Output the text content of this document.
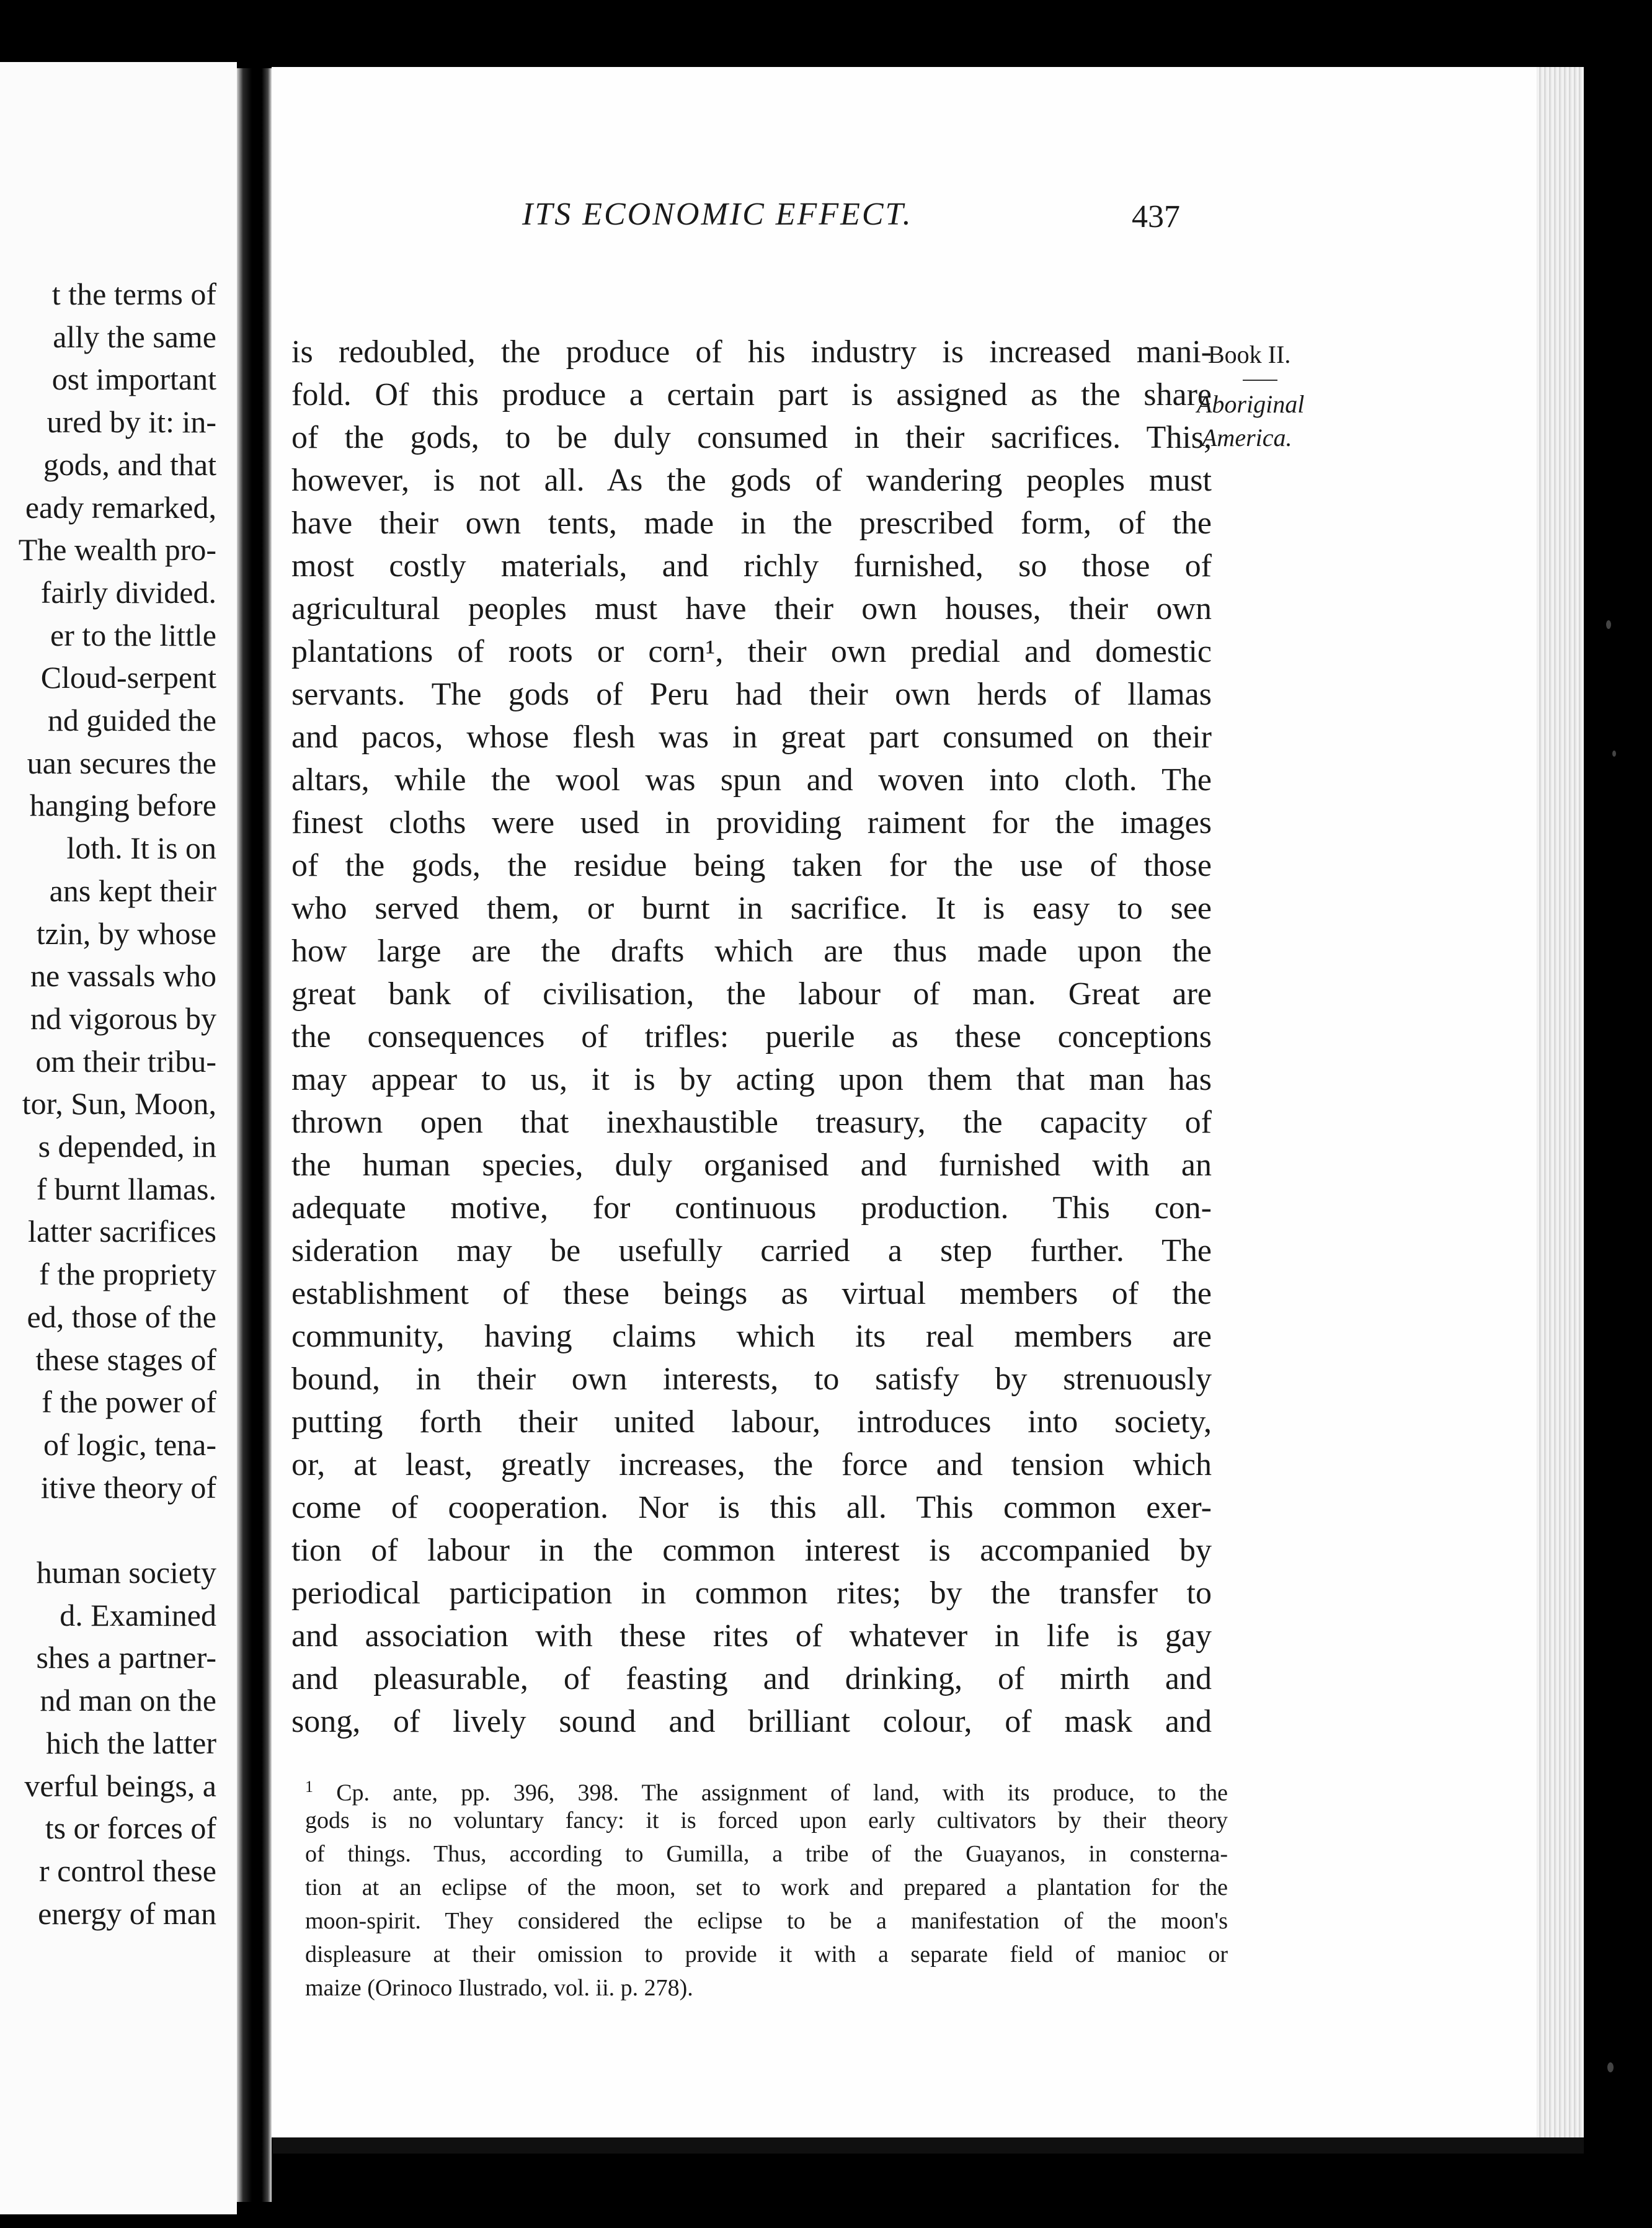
t the terms of
ally the same
ost important
ured by it: in-
gods, and that
eady remarked,
The wealth pro-
fairly divided.
er to the little
Cloud-serpent
nd guided the
uan secures the
hanging before
loth. It is on
ans kept their
tzin, by whose
ne vassals who
nd vigorous by
om their tribu-
tor, Sun, Moon,
s depended, in
f burnt llamas.
latter sacrifices
f the propriety
ed, those of the
these stages of
f the power of
of logic, tena-
itive theory of
human society
d. Examined
shes a partner-
nd man on the
hich the latter
verful beings, a
ts or forces of
r control these
energy of man
ITS ECONOMIC EFFECT.	437
is redoubled, the produce of his industry is increased mani-
fold. Of this produce a certain part is assigned as the share
of the gods, to be duly consumed in their sacrifices. This,
however, is not all. As the gods of wandering peoples must
have their own tents, made in the prescribed form, of the
most costly materials, and richly furnished, so those of
agricultural peoples must have their own houses, their own
plantations of roots or corn¹, their own predial and domestic
servants. The gods of Peru had their own herds of llamas
and pacos, whose flesh was in great part consumed on their
altars, while the wool was spun and woven into cloth. The
finest cloths were used in providing raiment for the images
of the gods, the residue being taken for the use of those
who served them, or burnt in sacrifice. It is easy to see
how large are the drafts which are thus made upon the
great bank of civilisation, the labour of man. Great are
the consequences of trifles: puerile as these conceptions
may appear to us, it is by acting upon them that man has
thrown open that inexhaustible treasury, the capacity of
the human species, duly organised and furnished with an
adequate motive, for continuous production. This con-
sideration may be usefully carried a step further. The
establishment of these beings as virtual members of the
community, having claims which its real members are
bound, in their own interests, to satisfy by strenuously
putting forth their united labour, introduces into society,
or, at least, greatly increases, the force and tension which
come of cooperation. Nor is this all. This common exer-
tion of labour in the common interest is accompanied by
periodical participation in common rites; by the transfer to
and association with these rites of whatever in life is gay
and pleasurable, of feasting and drinking, of mirth and
song, of lively sound and brilliant colour, of mask and
Book II.
Aboriginal
America.
$^1$ Cp. ante, pp. 396, 398. The assignment of land, with its produce, to the
gods is no voluntary fancy: it is forced upon early cultivators by their theory
of things. Thus, according to Gumilla, a tribe of the Guayanos, in consterna-
tion at an eclipse of the moon, set to work and prepared a plantation for the
moon-spirit. They considered the eclipse to be a manifestation of the moon's
displeasure at their omission to provide it with a separate field of manioc or
maize (Orinoco Ilustrado, vol. ii. p. 278).
